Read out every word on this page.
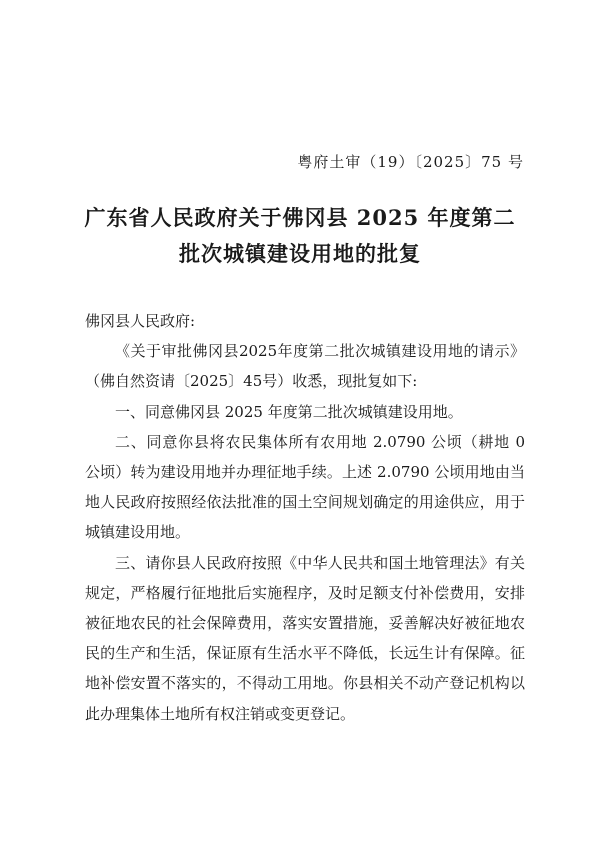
粤府土审（19）〔2025〕75 号
广东省人民政府关于佛冈县 2025 年度第二
批次城镇建设用地的批复

佛冈县人民政府:

《关于审批佛冈县2025年度第二批次城镇建设用地的请示》（佛自然资请〔2025〕45号）收悉，现批复如下:

一、同意佛冈县 2025 年度第二批次城镇建设用地。

二、同意你县将农民集体所有农用地 2.0790 公顷（耕地 0 公顷）转为建设用地并办理征地手续。上述 2.0790 公顷用地由当地人民政府按照经依法批准的国土空间规划确定的用途供应，用于城镇建设用地。

三、请你县人民政府按照《中华人民共和国土地管理法》有关规定，严格履行征地批后实施程序，及时足额支付补偿费用，安排被征地农民的社会保障费用，落实安置措施，妥善解决好被征地农民的生产和生活，保证原有生活水平不降低，长远生计有保障。征地补偿安置不落实的，不得动工用地。你县相关不动产登记机构以此办理集体土地所有权注销或变更登记。
